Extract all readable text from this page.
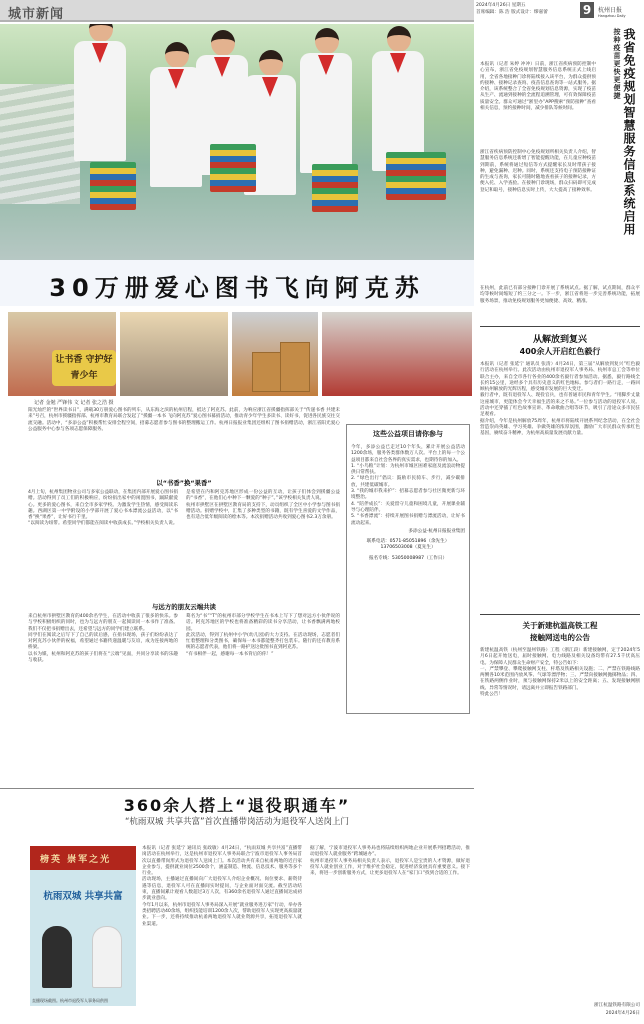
城市新闻
2024年4月26日 星期五
首席编辑：陈 浩 版式设计：缪嘉蕾	9	杭州日报
Hangzhou Daily
30万册爱心图书飞向阿克苏
让书香 守护好青少年
记者 金勉 严锋伟 文 记者 张之浩 摄
阳光灿烂的“世界读书日”，满载30万册爱心图书的列车，从东海之滨的杭州启程，抵达了阿克苏。此前，为响应浙江省援疆指挥部关于“传递书香 共建未来”号召，杭州市援疆指挥部、杭州市教育局联合发起了“援疆一本书 飞向阿克苏”爱心图书募捐活动，推动青少年学生多读书、读好书，促进各民族交往交流交融。活动中，“多添公益”积极帮忙安排全程空间，招募志愿者参与图书的整理搬运工作。杭州日报报业集团还组织了图书捐赠活动，浙江省阳光爱心公益服务中心参与各项志愿保障服务。
以“书香”换“果香”

4月上旬，杭州集团物业公司与多家公益联动，在集团内部开展爱心图书捐赠。活动得到了员工们的积极响应，纷纷捐出家中的闲置图书，踊跃献爱心。更多的爱心图书，来自全市多家学校。为激发学生热情，感受阅读乐趣。西湖区第一中学附设的小学部开展了爱心书本漂流公益活动，以“书香”换“果香”，让好书行千里。

“以阅读为纽带。希望同学们都能在阅读中收获成长。”学校相关负责人说。

是希望在内和阿克苏地区形成一份公益的互动，让孩子们体会到援疆公益的“书香”，在他们心中种下一颗爱的“种子”。”该学校相关负责人说。

杭州市拱墅区在拱墅区教育局的支持下，动员组织了全区中小学参与图书捐赠活动。捐赠学校中，汇集了多种类型的书籍，既有学生喜爱的文学作品，也有适合低年级阅读的绘本等。本次捐赠活动共收到爱心图书2.3万余册。

与远方的朋友云端共读

来自杭州市拱墅区教育的400余名学生，在活动中收获了很多的快乐。参与学校积极组织的同时，也为与远方的朋友一起阅读同一本书作了准备。我们不仅把书捐赠出去，还希望与远方的同学们建立联系。

同学们在阅读之后写下了自己的读后感，在捐书现场，孩子们纷纷表达了对阿克苏小伙伴的祝福，希望通过书籍传递温暖与友谊，成为连接两地的桥梁。

以书为媒，杭州和阿克苏的孩子们将在“云端”见面，共同分享读书的乐趣与收获。

蓦名为“书”“T”的杭州市部分学校学生在书本上写下了想对远方小伙伴说的话。阿克苏地区的学校也将准备精彩的读书分享活动，让书香飘满两地校园。

此次活动，得到了杭州中小学(幼儿园)的大力支持。在活动现场，志愿者们忙着整理和分类图书，确保每一本书都能整齐打包装车。随行的还有教育系统的志愿者代表，他们将一路护送这批图书直到阿克苏。

“有书相伴一起，感谢每一本书背后的你！”

这些公益项目请你参与

今年，多添公益已走过10个年头，累计开展公益活动1200余场，服务各类群体数万人次。平台上的每一个公益项目都来自社会各界的真实需求，也期待你的加入。

1. “小鸟粮”计划：为杭州市城区困难家庭及流浪动物提供日常帮扶。

2. “绿色出行”倡议：鼓励市民骑车、步行，减少碳排放，共建低碳城市。

3. “我的城市我来护”：招募志愿者参与社区微更新与环境整治。

4. “陪伴成长”：关爱留守儿童和困境儿童，开展课业辅导与心理陪伴。

5. “书香漂流”：持续开展图书捐赠与漂流活动，让好书流动起来。

多添公益·杭州日报报业集团
联系电话：0571-85051896（余先生）13706503008（夏先生）
报名专线：53050008987（工作日）
按种疫苗更快更便捷 我省免疫规划智慧服务信息系统启用

本报讯（记者 朱婷 冲冲）日前，浙江省疾病预防控制中心宣布，浙江省免疫规划智慧服务信息系统正式上线启用，全省各地接种门诊将陆续接入该平台，为群众提供预约接种、接种记录查询、疫苗信息查询等一站式服务。据介绍，该系统整合了全省免疫规划信息资源，实现了疫苗从生产、流通到接种的全流程追溯管理，可有效保障疫苗质量安全。群众可通过“浙里办”APP搜索“预防接种”查看相关信息，预约接种时间，减少排队等候时间。

浙江省疾病预防控制中心免疫规划所相关负责人介绍，智慧服务信息系统还新增了智能提醒功能，在儿童应种疫苗到期前，系统将通过短信等方式提醒家长及时带孩子接种，避免漏种、迟种。同时，系统还支持电子预防接种证的生成与查询，家长可随时随地查看孩子的接种记录，方便入托、入学查验。在接种门诊现场，群众扫码即可完成登记和取号，接种信息实时上传，大大提高了接种效率。

在杭州，此前已有部分接种门诊开展了系统试点。据了解，试点期间，群众平均等候时间缩短了约三分之一。下一步，浙江省将进一步完善系统功能，拓展服务场景，推动免疫规划服务更加便捷、高效、精准。

从解放到复兴
400余人开启红色毅行

本报讯（记者 张延宁 通讯员 张清）4月24日，第三届“从解放到复兴”红色毅行活动在杭州举行。此次活动由杭州市退役军人事务局、杭州市总工会等单位联合主办，来自全市各行各业的400余名毅行者参加活动。据悉，毅行路线全长约15公里，途经多个具有历史意义的红色地标。参与者们一路行走，一路回顾杭州解放的光辉历程，感受城市发展的巨大变迁。

毅行者中，既有退役军人、现役官兵，也有普通市民和青年学生。“用脚步丈量这座城市，更能体会今天幸福生活的来之不易。”一位参与活动的退役军人说。活动中还穿插了红色故事宣讲、革命歌曲合唱等环节，吸引了沿途众多市民驻足观看。

据介绍，今年是杭州解放75周年，杭州市将陆续开展系列纪念活动，在全社会营造崇尚英雄、学习英雄、争做英雄的浓厚氛围，激励广大市民群众传承红色基因，赓续奋斗精神，为杭州高质量发展贡献力量。

关于新建杭温高铁工程
接触网送电的公告

新建杭温高铁（杭州至温州铁路）工程（浙江段）新建接触网，定于2024年5月6日起开始送电，届时接触网、电力线路及相关设备均带有27.5千伏高压电。为保障人民群众生命财产安全，特公告如下：

一、严禁攀登、攀爬接触网支柱、杆塔及铁路相关设施；二、严禁在铁路线路两侧各10米范围内放风筝、气球等漂浮物；三、严禁向接触网抛掷物品；四、在铁路两侧作业时，须与接触网保持2米以上的安全距离；五、发现接触网断线、异常等情况时，请远离并立即报告铁路部门。

特此公告！

浙江杭温铁路有限公司
2024年4月26日
360余人搭上“退役职通车”
“杭雨双城 共享共富”首次直播带岗活动为退役军人送岗上门
榜英 崇军之光
杭雨双城 共享共富
直播现场截图。杭州市退役军人事务局供图

本报讯（记者 张延宁 通讯员 张政敏）4月24日，“杭雨双城 共享共富”直播带岗活动在杭州举行，这是杭州市退役军人事务局联合宁波市退役军人事务局首次以直播带岗形式为退役军人送岗上门。本次活动共有来自杭甬两地的近百家企业参与，提供就业岗位2500余个，涵盖制造、物流、信息技术、服务等多个行业。

活动现场，主播通过直播间向广大退役军人介绍企业概况、岗位要求、薪资待遇等信息，退役军人可在直播间实时提问，与企业面对面交流。截至活动结束，直播间累计观看人数超过3万人次，有360余名退役军人通过直播间达成初步就业意向。

今年1月以来，杭州市退役军人事务局深入开展“就业服务进万家”行动，举办各类招聘活动40余场，组织技能培训1200余人次，帮助退役军人实现更高质量就业。下一步，还将持续推动杭甬两地退役军人就业资源共享，拓宽退役军人就业渠道。

据了解，宁波市退役军人事务局也将陆续组织两地企业开展系列招聘活动，推动退役军人就业服务“跨城通办”。

杭州市退役军人事务局相关负责人表示，退役军人是宝贵的人才资源，做好退役军人就业创业工作，对于维护社会稳定、促进经济发展具有重要意义。接下来，将进一步创新服务方式，让更多退役军人在“家门口”找到合适的工作。
